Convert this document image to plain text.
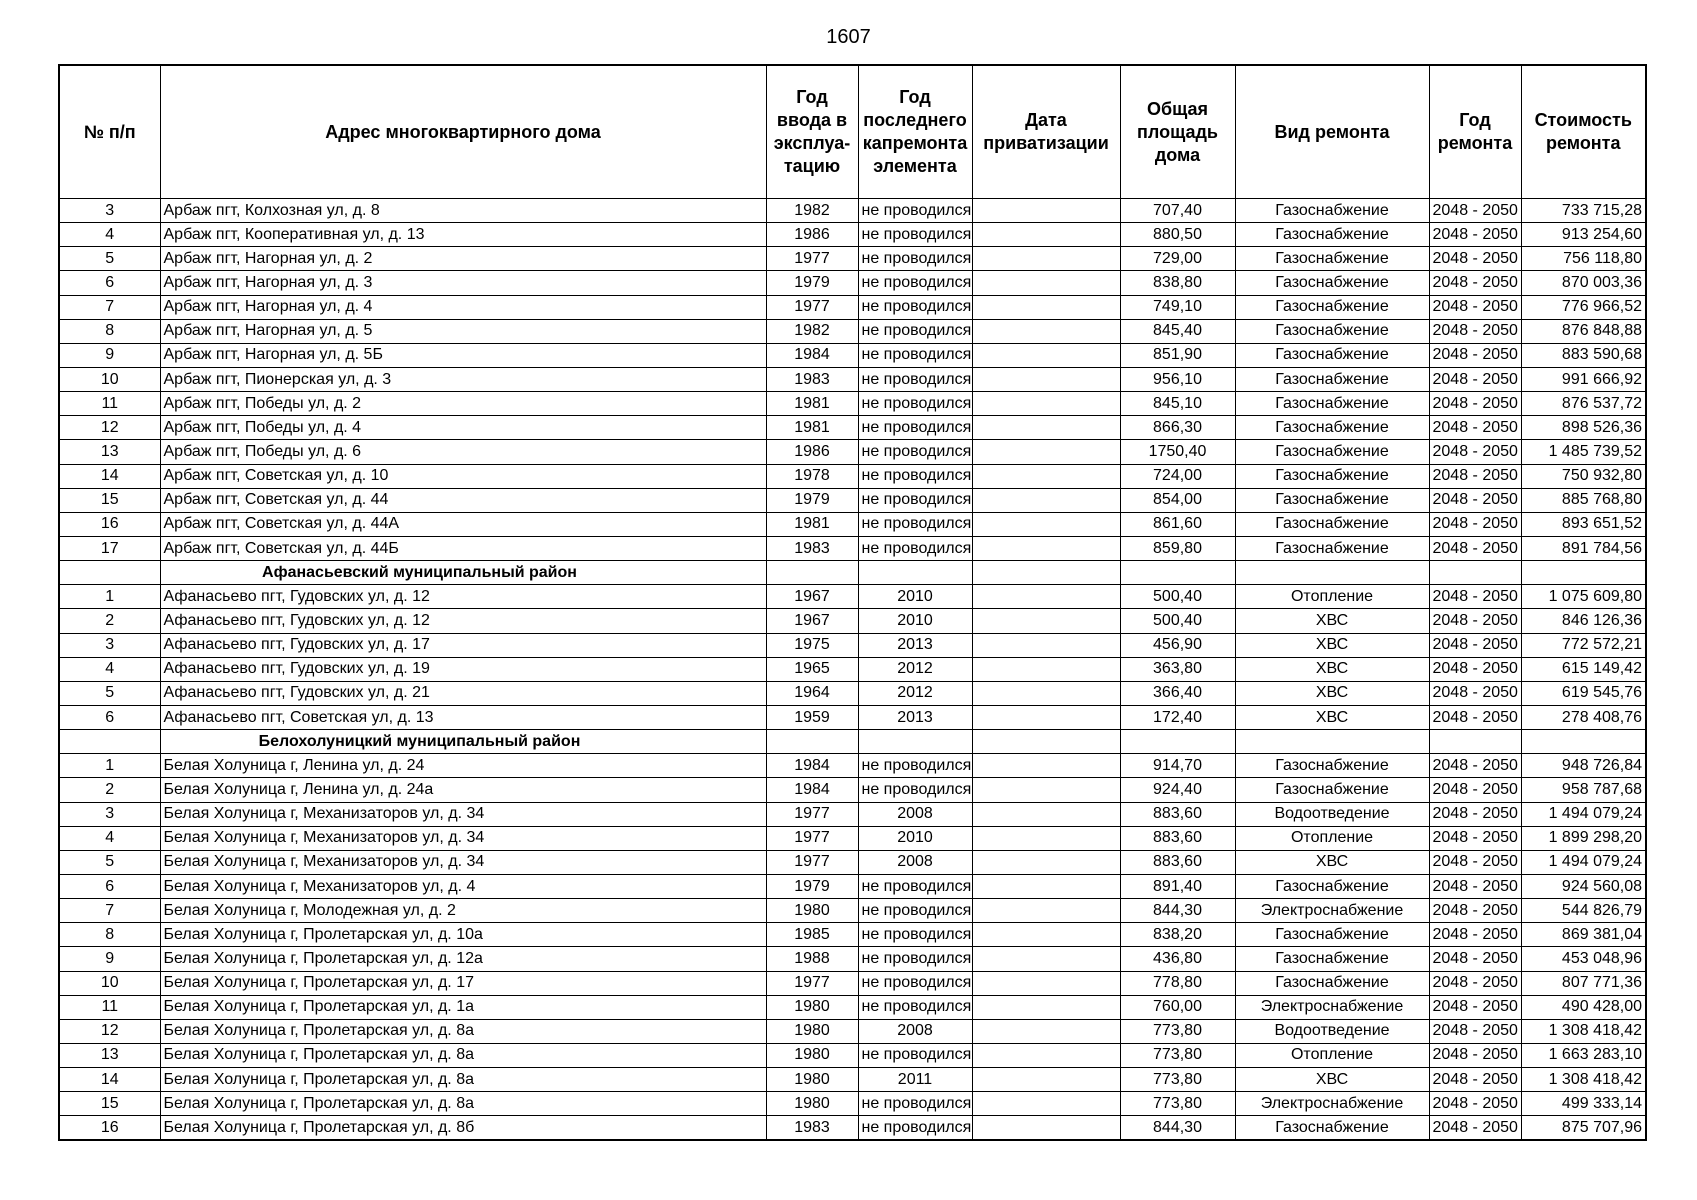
1607
№ п/п	Адрес многоквартирного дома	Год ввода в эксплуа-тацию	Год последнего капремонта элемента	Дата приватизации	Общая площадь дома	Вид ремонта	Год ремонта	Стоимость ремонта
3	Арбаж пгт, Колхозная ул, д. 8	1982	не проводился		707,40	Газоснабжение	2048 - 2050	733 715,28
4	Арбаж пгт, Кооперативная ул, д. 13	1986	не проводился		880,50	Газоснабжение	2048 - 2050	913 254,60
5	Арбаж пгт, Нагорная ул, д. 2	1977	не проводился		729,00	Газоснабжение	2048 - 2050	756 118,80
6	Арбаж пгт, Нагорная ул, д. 3	1979	не проводился		838,80	Газоснабжение	2048 - 2050	870 003,36
7	Арбаж пгт, Нагорная ул, д. 4	1977	не проводился		749,10	Газоснабжение	2048 - 2050	776 966,52
8	Арбаж пгт, Нагорная ул, д. 5	1982	не проводился		845,40	Газоснабжение	2048 - 2050	876 848,88
9	Арбаж пгт, Нагорная ул, д. 5Б	1984	не проводился		851,90	Газоснабжение	2048 - 2050	883 590,68
10	Арбаж пгт, Пионерская ул, д. 3	1983	не проводился		956,10	Газоснабжение	2048 - 2050	991 666,92
11	Арбаж пгт, Победы ул, д. 2	1981	не проводился		845,10	Газоснабжение	2048 - 2050	876 537,72
12	Арбаж пгт, Победы ул, д. 4	1981	не проводился		866,30	Газоснабжение	2048 - 2050	898 526,36
13	Арбаж пгт, Победы ул, д. 6	1986	не проводился		1750,40	Газоснабжение	2048 - 2050	1 485 739,52
14	Арбаж пгт, Советская ул, д. 10	1978	не проводился		724,00	Газоснабжение	2048 - 2050	750 932,80
15	Арбаж пгт, Советская ул, д. 44	1979	не проводился		854,00	Газоснабжение	2048 - 2050	885 768,80
16	Арбаж пгт, Советская ул, д. 44А	1981	не проводился		861,60	Газоснабжение	2048 - 2050	893 651,52
17	Арбаж пгт, Советская ул, д. 44Б	1983	не проводился		859,80	Газоснабжение	2048 - 2050	891 784,56
	Афанасьевский муниципальный район							
1	Афанасьево пгт, Гудовских ул, д. 12	1967	2010		500,40	Отопление	2048 - 2050	1 075 609,80
2	Афанасьево пгт, Гудовских ул, д. 12	1967	2010		500,40	ХВС	2048 - 2050	846 126,36
3	Афанасьево пгт, Гудовских ул, д. 17	1975	2013		456,90	ХВС	2048 - 2050	772 572,21
4	Афанасьево пгт, Гудовских ул, д. 19	1965	2012		363,80	ХВС	2048 - 2050	615 149,42
5	Афанасьево пгт, Гудовских ул, д. 21	1964	2012		366,40	ХВС	2048 - 2050	619 545,76
6	Афанасьево пгт, Советская ул, д. 13	1959	2013		172,40	ХВС	2048 - 2050	278 408,76
	Белохолуницкий муниципальный район							
1	Белая Холуница г, Ленина ул, д. 24	1984	не проводился		914,70	Газоснабжение	2048 - 2050	948 726,84
2	Белая Холуница г, Ленина ул, д. 24а	1984	не проводился		924,40	Газоснабжение	2048 - 2050	958 787,68
3	Белая Холуница г, Механизаторов ул, д. 34	1977	2008		883,60	Водоотведение	2048 - 2050	1 494 079,24
4	Белая Холуница г, Механизаторов ул, д. 34	1977	2010		883,60	Отопление	2048 - 2050	1 899 298,20
5	Белая Холуница г, Механизаторов ул, д. 34	1977	2008		883,60	ХВС	2048 - 2050	1 494 079,24
6	Белая Холуница г, Механизаторов ул, д. 4	1979	не проводился		891,40	Газоснабжение	2048 - 2050	924 560,08
7	Белая Холуница г, Молодежная ул, д. 2	1980	не проводился		844,30	Электроснабжение	2048 - 2050	544 826,79
8	Белая Холуница г, Пролетарская ул, д. 10а	1985	не проводился		838,20	Газоснабжение	2048 - 2050	869 381,04
9	Белая Холуница г, Пролетарская ул, д. 12а	1988	не проводился		436,80	Газоснабжение	2048 - 2050	453 048,96
10	Белая Холуница г, Пролетарская ул, д. 17	1977	не проводился		778,80	Газоснабжение	2048 - 2050	807 771,36
11	Белая Холуница г, Пролетарская ул, д. 1а	1980	не проводился		760,00	Электроснабжение	2048 - 2050	490 428,00
12	Белая Холуница г, Пролетарская ул, д. 8а	1980	2008		773,80	Водоотведение	2048 - 2050	1 308 418,42
13	Белая Холуница г, Пролетарская ул, д. 8а	1980	не проводился		773,80	Отопление	2048 - 2050	1 663 283,10
14	Белая Холуница г, Пролетарская ул, д. 8а	1980	2011		773,80	ХВС	2048 - 2050	1 308 418,42
15	Белая Холуница г, Пролетарская ул, д. 8а	1980	не проводился		773,80	Электроснабжение	2048 - 2050	499 333,14
16	Белая Холуница г, Пролетарская ул, д. 8б	1983	не проводился		844,30	Газоснабжение	2048 - 2050	875 707,96
